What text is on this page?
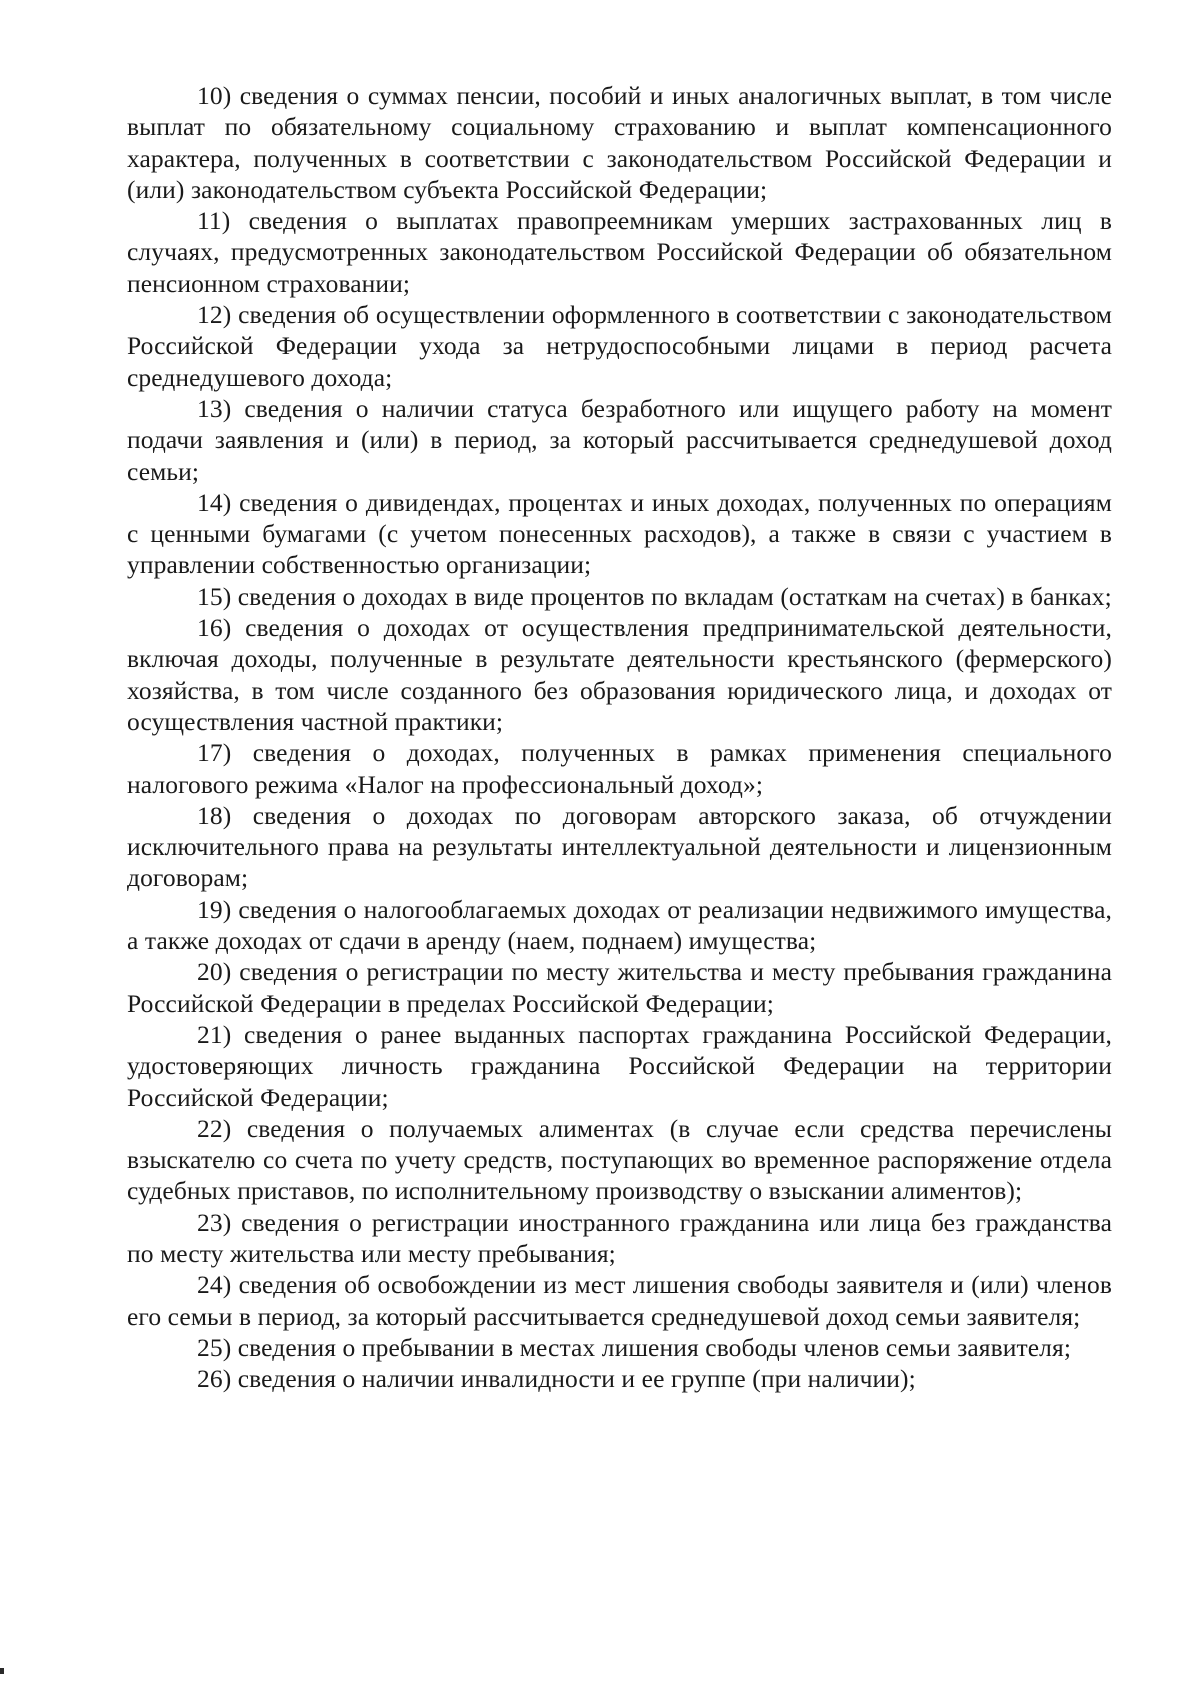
10) сведения о суммах пенсии, пособий и иных аналогичных выплат, в том числе выплат по обязательному социальному страхованию и выплат компенсационного характера, полученных в соответствии с законодательством Российской Федерации и (или) законодательством субъекта Российской Федерации;

11) сведения о выплатах правопреемникам умерших застрахованных лиц в случаях, предусмотренных законодательством Российской Федерации об обязательном пенсионном страховании;

12) сведения об осуществлении оформленного в соответствии с законодательством Российской Федерации ухода за нетрудоспособными лицами в период расчета среднедушевого дохода;

13) сведения о наличии статуса безработного или ищущего работу на момент подачи заявления и (или) в период, за который рассчитывается среднедушевой доход семьи;

14) сведения о дивидендах, процентах и иных доходах, полученных по операциям с ценными бумагами (с учетом понесенных расходов), а также в связи с участием в управлении собственностью организации;

15) сведения о доходах в виде процентов по вкладам (остаткам на счетах) в банках;

16) сведения о доходах от осуществления предпринимательской деятельности, включая доходы, полученные в результате деятельности крестьянского (фермерского) хозяйства, в том числе созданного без образования юридического лица, и доходах от осуществления частной практики;

17) сведения о доходах, полученных в рамках применения специального налогового режима «Налог на профессиональный доход»;

18) сведения о доходах по договорам авторского заказа, об отчуждении исключительного права на результаты интеллектуальной деятельности и лицензионным договорам;

19) сведения о налогооблагаемых доходах от реализации недвижимого имущества, а также доходах от сдачи в аренду (наем, поднаем) имущества;

20) сведения о регистрации по месту жительства и месту пребывания гражданина Российской Федерации в пределах Российской Федерации;

21) сведения о ранее выданных паспортах гражданина Российской Федерации, удостоверяющих личность гражданина Российской Федерации на территории Российской Федерации;

22) сведения о получаемых алиментах (в случае если средства перечислены взыскателю со счета по учету средств, поступающих во временное распоряжение отдела судебных приставов, по исполнительному производству о взыскании алиментов);

23) сведения о регистрации иностранного гражданина или лица без гражданства по месту жительства или месту пребывания;

24) сведения об освобождении из мест лишения свободы заявителя и (или) членов его семьи в период, за который рассчитывается среднедушевой доход семьи заявителя;

25) сведения о пребывании в местах лишения свободы членов семьи заявителя;

26) сведения о наличии инвалидности и ее группе (при наличии);
